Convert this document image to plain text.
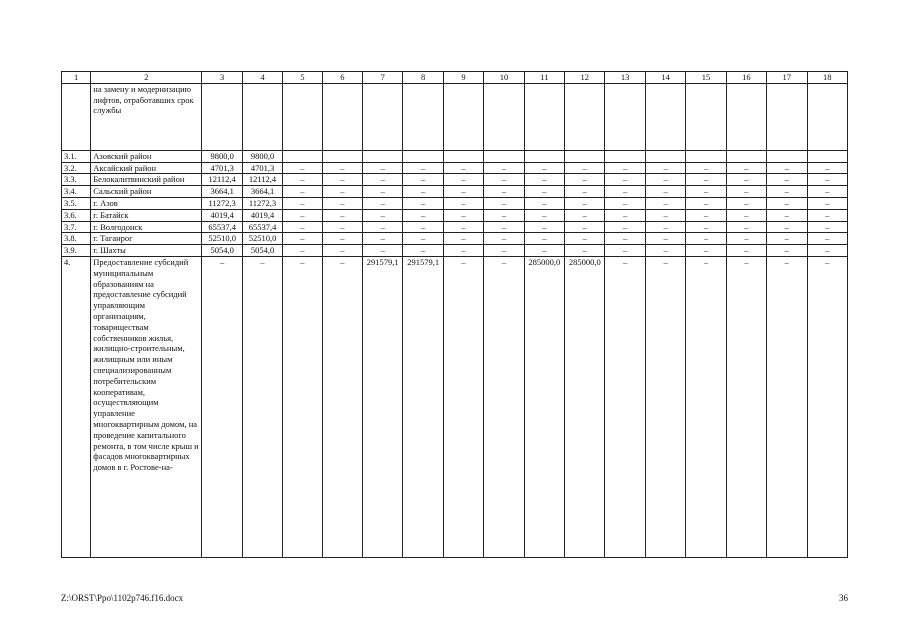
1	2	3	4	5	6	7	8	9	10	11	12	13	14	15	16	17	18
	на замену и модернизацию лифтов, отработавших срок службы																
3.1.	Азовский район	9800,0	9800,0														
3.2.	Аксайский район	4701,3	4701,3	–	–	–	–	–	–	–	–	–	–	–	–	–	–
3.3.	Белокалитвинский район	12112,4	12112,4	–	–	–	–	–	–	–	–	–	–	–	–	–	–
3.4.	Сальский район	3664,1	3664,1	–	–	–	–	–	–	–	–	–	–	–	–	–	–
3.5.	г. Азов	11272,3	11272,3	–	–	–	–	–	–	–	–	–	–	–	–	–	–
3.6.	г. Батайск	4019,4	4019,4	–	–	–	–	–	–	–	–	–	–	–	–	–	–
3.7.	г. Волгодонск	65537,4	65537,4	–	–	–	–	–	–	–	–	–	–	–	–	–	–
3.8.	г. Таганрог	52510,0	52510,0	–	–	–	–	–	–	–	–	–	–	–	–	–	–
3.9.	г. Шахты	5054,0	5054,0	–	–	–	–	–	–	–	–	–	–	–	–	–	–
4.	Предоставление субсидий муниципальным образованиям на предоставление субсидий управляющим организациям, товариществам собственников жилья, жилищно-строительным, жилищным или иным специализированным потребительским кооперативам, осуществляющим управление многоквартирным домом, на проведение капитального ремонта, в том числе крыш и фасадов многоквартирных домов в г. Ростове-на-	–	–	–	–	291579,1	291579,1	–	–	285000,0	285000,0	–	–	–	–	–	–
Z:\ORST\Ppo\1102p746.f16.docx	36
